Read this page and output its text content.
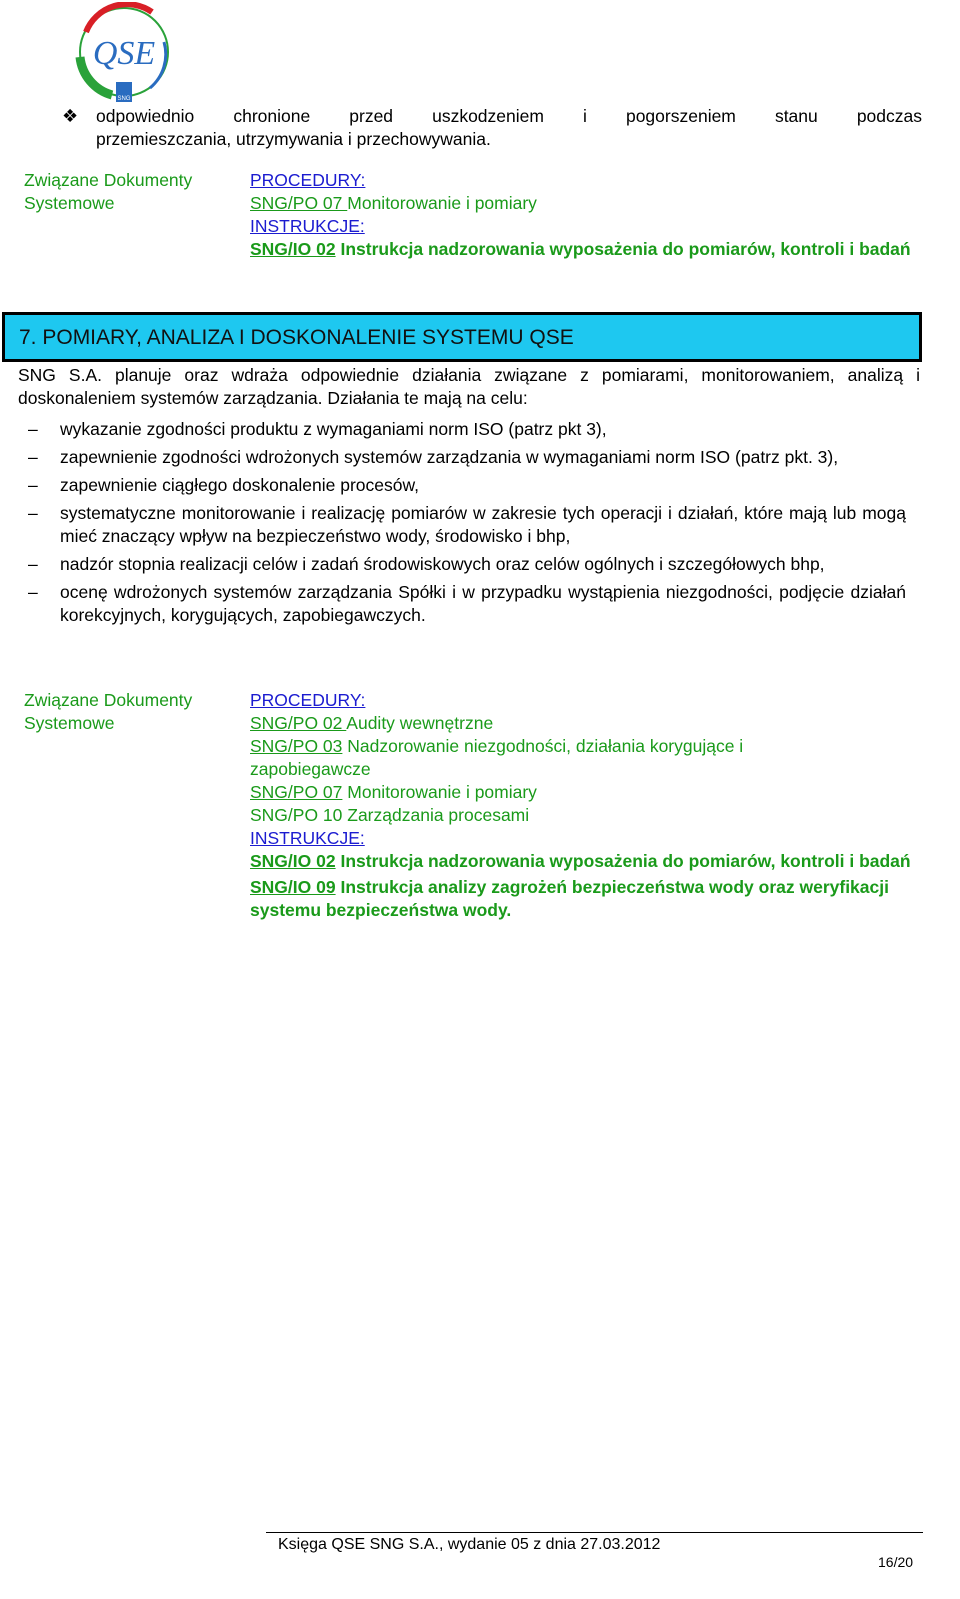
QSE
SNG
❖ odpowiednio chronione przed uszkodzeniem i pogorszeniem stanu podczas
przemieszczania, utrzymywania i przechowywania.
Związane Dokumenty
Systemowe
PROCEDURY:
SNG/PO 07 Monitorowanie i pomiary
INSTRUKCJE:
SNG/IO 02 Instrukcja nadzorowania wyposażenia do pomiarów, kontroli i badań
7. POMIARY, ANALIZA I DOSKONALENIE SYSTEMU QSE
SNG S.A. planuje oraz wdraża odpowiednie działania związane z pomiarami, monitorowaniem, analizą i doskonaleniem systemów zarządzania. Działania te mają na celu:
– wykazanie zgodności produktu z wymaganiami norm ISO (patrz pkt 3),
– zapewnienie zgodności wdrożonych systemów zarządzania w wymaganiami norm ISO (patrz pkt. 3),
– zapewnienie ciągłego doskonalenie procesów,
– systematyczne monitorowanie i realizację pomiarów w zakresie tych operacji i działań, które mają lub mogą mieć znaczący wpływ na bezpieczeństwo wody, środowisko i bhp,
– nadzór stopnia realizacji celów i zadań środowiskowych oraz celów ogólnych i szczegółowych bhp,
– ocenę wdrożonych systemów zarządzania Spółki i w przypadku wystąpienia niezgodności, podjęcie działań korekcyjnych, korygujących, zapobiegawczych.
Związane Dokumenty
Systemowe
PROCEDURY:
SNG/PO 02 Audity wewnętrzne
SNG/PO 03 Nadzorowanie niezgodności, działania korygujące i zapobiegawcze
SNG/PO 07 Monitorowanie i pomiary
SNG/PO 10 Zarządzania procesami
INSTRUKCJE:
SNG/IO 02 Instrukcja nadzorowania wyposażenia do pomiarów, kontroli i badań
SNG/IO 09 Instrukcja analizy zagrożeń bezpieczeństwa wody oraz weryfikacji systemu bezpieczeństwa wody.
Księga QSE SNG S.A., wydanie 05 z dnia 27.03.2012
16/20
